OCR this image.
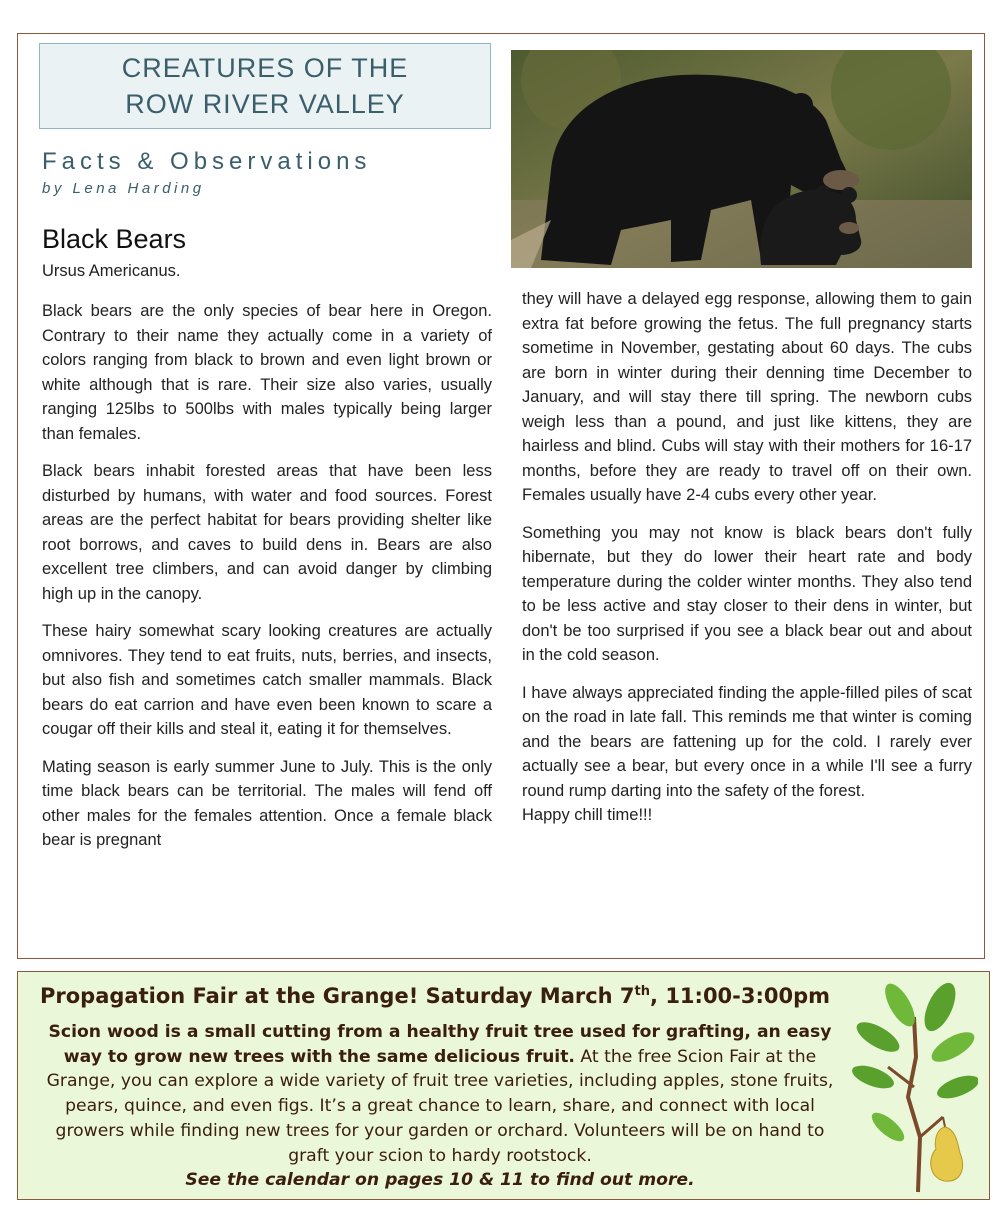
CREATURES OF THE
ROW RIVER VALLEY
Facts & Observations
by Lena Harding
Black Bears
Ursus Americanus.

Black bears are the only species of bear here in Oregon. Contrary to their name they actually come in a variety of colors ranging from black to brown and even light brown or white although that is rare. Their size also varies, usually ranging 125lbs to 500lbs with males typically being larger than females.

Black bears inhabit forested areas that have been less disturbed by humans, with water and food sources. Forest areas are the perfect habitat for bears providing shelter like root borrows, and caves to build dens in. Bears are also excellent tree climbers, and can avoid danger by climbing high up in the canopy.

These hairy somewhat scary looking creatures are actually omnivores. They tend to eat fruits, nuts, berries, and insects, but also fish and sometimes catch smaller mammals. Black bears do eat carrion and have even been known to scare a cougar off their kills and steal it, eating it for themselves.

Mating season is early summer June to July. This is the only time black bears can be territorial. The males will fend off other males for the females attention. Once a female black bear is pregnant

they will have a delayed egg response, allowing them to gain extra fat before growing the fetus. The full pregnancy starts sometime in November, gestating about 60 days. The cubs are born in winter during their denning time December to January, and will stay there till spring. The newborn cubs weigh less than a pound, and just like kittens, they are hairless and blind. Cubs will stay with their mothers for 16-17 months, before they are ready to travel off on their own. Females usually have 2-4 cubs every other year.

Something you may not know is black bears don't fully hibernate, but they do lower their heart rate and body temperature during the colder winter months. They also tend to be less active and stay closer to their dens in winter, but don't be too surprised if you see a black bear out and about in the cold season.

I have always appreciated finding the apple-filled piles of scat on the road in late fall. This reminds me that winter is coming and the bears are fattening up for the cold. I rarely ever actually see a bear, but every once in a while I'll see a furry round rump darting into the safety of the forest.

Happy chill time!!!

Propagation Fair at the Grange! Saturday March 7th, 11:00-3:00pm
Scion wood is a small cutting from a healthy fruit tree used for grafting, an easy way to grow new trees with the same delicious fruit. At the free Scion Fair at the Grange, you can explore a wide variety of fruit tree varieties, including apples, stone fruits, pears, quince, and even figs. It’s a great chance to learn, share, and connect with local growers while finding new trees for your garden or orchard. Volunteers will be on hand to graft your scion to hardy rootstock.
See the calendar on pages 10 & 11 to find out more.
